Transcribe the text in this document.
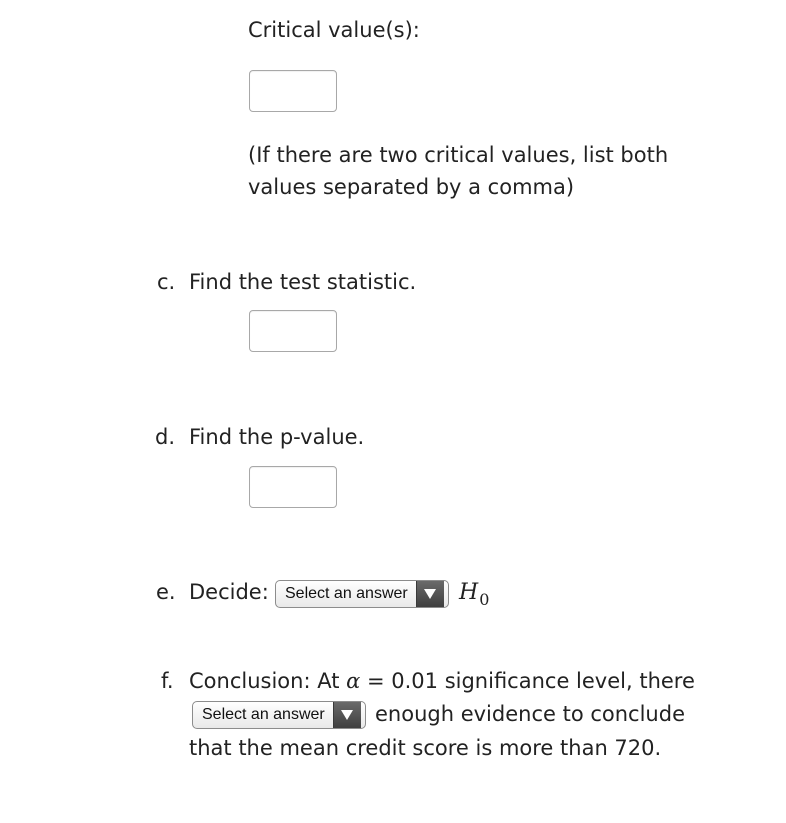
Critical value(s):
(If there are two critical values, list both
values separated by a comma)
c. Find the test statistic.
d. Find the p-value.
e. Decide:	Select an answer	$H_0$
f. Conclusion: At α = 0.01 significance level, there
Select an answer	enough evidence to conclude
that the mean credit score is more than 720.
